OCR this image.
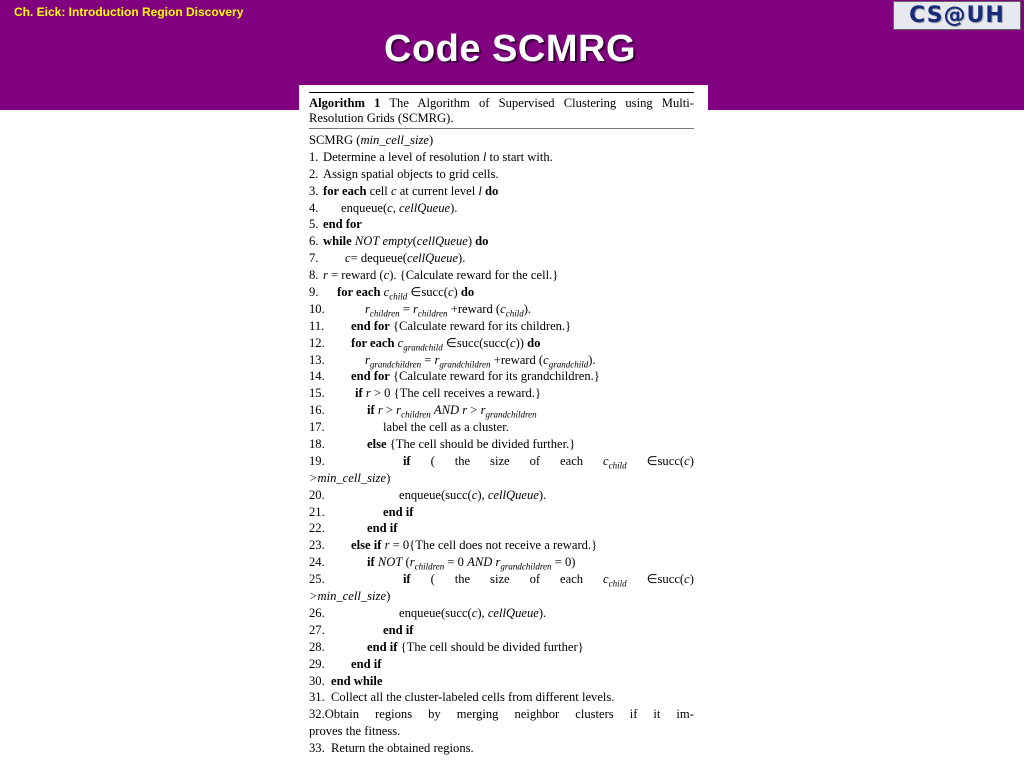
Ch. Eick: Introduction Region Discovery
Code SCMRG
CS@UH
Algorithm 1 The Algorithm of Supervised Clustering using Multi-Resolution Grids (SCMRG).
SCMRG (min_cell_size)
1. Determine a level of resolution l to start with.
2. Assign spatial objects to grid cells.
3. for each cell c at current level l do
4. enqueue(c, cellQueue).
5. end for
6. while NOT empty(cellQueue) do
7. c= dequeue(cellQueue).
8. r = reward (c). {Calculate reward for the cell.}
9. for each $c_{child}$ ∈succ(c) do
10.	$r_{children} = r_{children}$ +reward $(c_{child})$.
11. end for {Calculate reward for its children.}
12. for each $c_{grandchild}$ ∈succ(succ(c)) do
13.	$r_{grandchildren} = r_{grandchildren}$ +reward $(c_{grandchild})$.
14. end for {Calculate reward for its grandchildren.}
15. if r > 0 {The cell receives a reward.}
16.	if $r > r_{children}$ AND $r > r_{grandchildren}$
17.	label the cell as a cluster.
18.	else {The cell should be divided further.}
19.	if ( the size of each $c_{child}$ ∈succ(c)
>min_cell_size)
20.	enqueue(succ(c), cellQueue).
21.	end if
22.	end if
23. else if r = 0{The cell does not receive a reward.}
24.	if NOT ($r_{children} = 0$ AND $r_{grandchildren} = 0$)
25.	if ( the size of each $c_{child}$ ∈succ(c)
>min_cell_size)
26.	enqueue(succ(c), cellQueue).
27.	end if
28.	end if {The cell should be divided further}
29. end if
30. end while
31. Collect all the cluster-labeled cells from different levels.
32.Obtain regions by merging neighbor clusters if it im-
proves the fitness.
33. Return the obtained regions.
